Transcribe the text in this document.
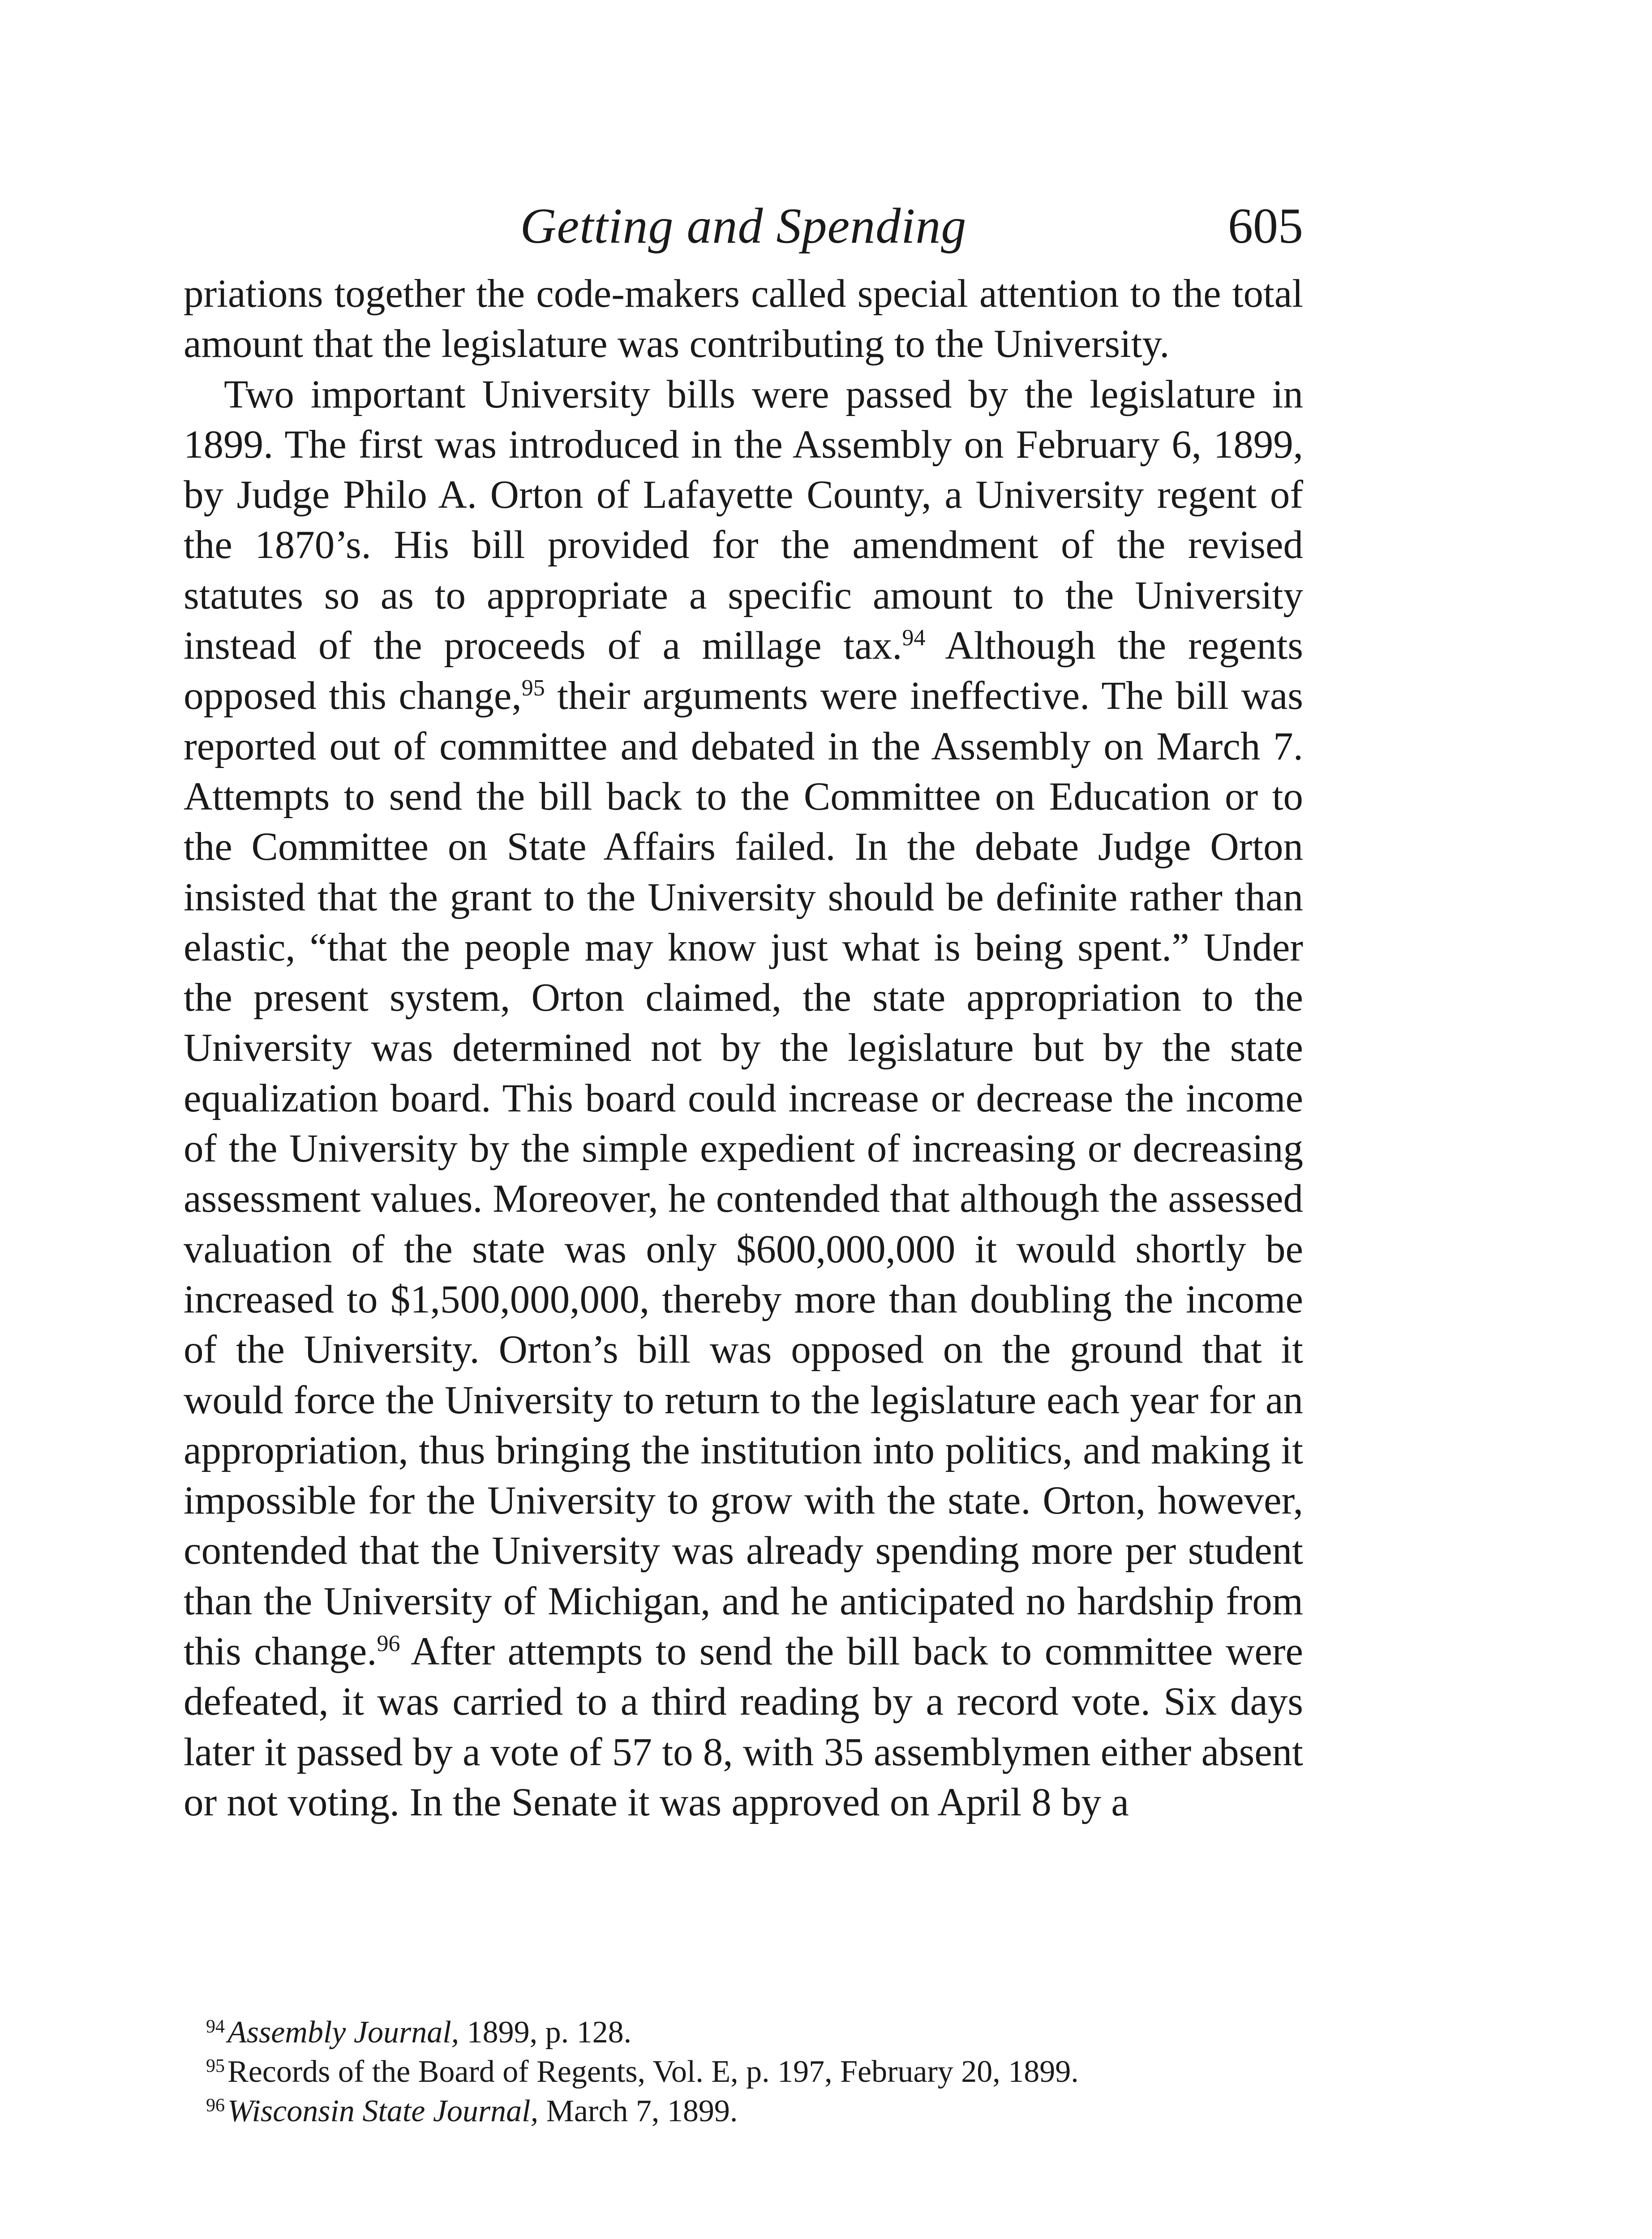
Getting and Spending	605

priations together the code-makers called special attention to the total amount that the legislature was contributing to the University.

Two important University bills were passed by the legislature in 1899. The first was introduced in the Assembly on February 6, 1899, by Judge Philo A. Orton of Lafayette County, a University regent of the 1870’s. His bill provided for the amendment of the revised statutes so as to appropriate a specific amount to the University instead of the proceeds of a millage tax.$^{94}$ Although the regents opposed this change,$^{95}$ their arguments were ineffective. The bill was reported out of committee and debated in the Assembly on March 7. Attempts to send the bill back to the Committee on Education or to the Committee on State Affairs failed. In the debate Judge Orton insisted that the grant to the University should be definite rather than elastic, “that the people may know just what is being spent.” Under the present system, Orton claimed, the state appropriation to the University was determined not by the legislature but by the state equalization board. This board could increase or decrease the income of the University by the simple expedient of increasing or decreasing assessment values. Moreover, he contended that although the assessed valuation of the state was only $600,000,000 it would shortly be increased to $1,500,000,000, thereby more than doubling the income of the University. Orton’s bill was opposed on the ground that it would force the University to return to the legislature each year for an appropriation, thus bringing the institution into politics, and making it impossible for the University to grow with the state. Orton, however, contended that the University was already spending more per student than the University of Michigan, and he anticipated no hardship from this change.$^{96}$ After attempts to send the bill back to committee were defeated, it was carried to a third reading by a record vote. Six days later it passed by a vote of 57 to 8, with 35 assemblymen either absent or not voting. In the Senate it was approved on April 8 by a

$^{94}$Assembly Journal, 1899, p. 128.
$^{95}$Records of the Board of Regents, Vol. E, p. 197, February 20, 1899.
$^{96}$Wisconsin State Journal, March 7, 1899.
